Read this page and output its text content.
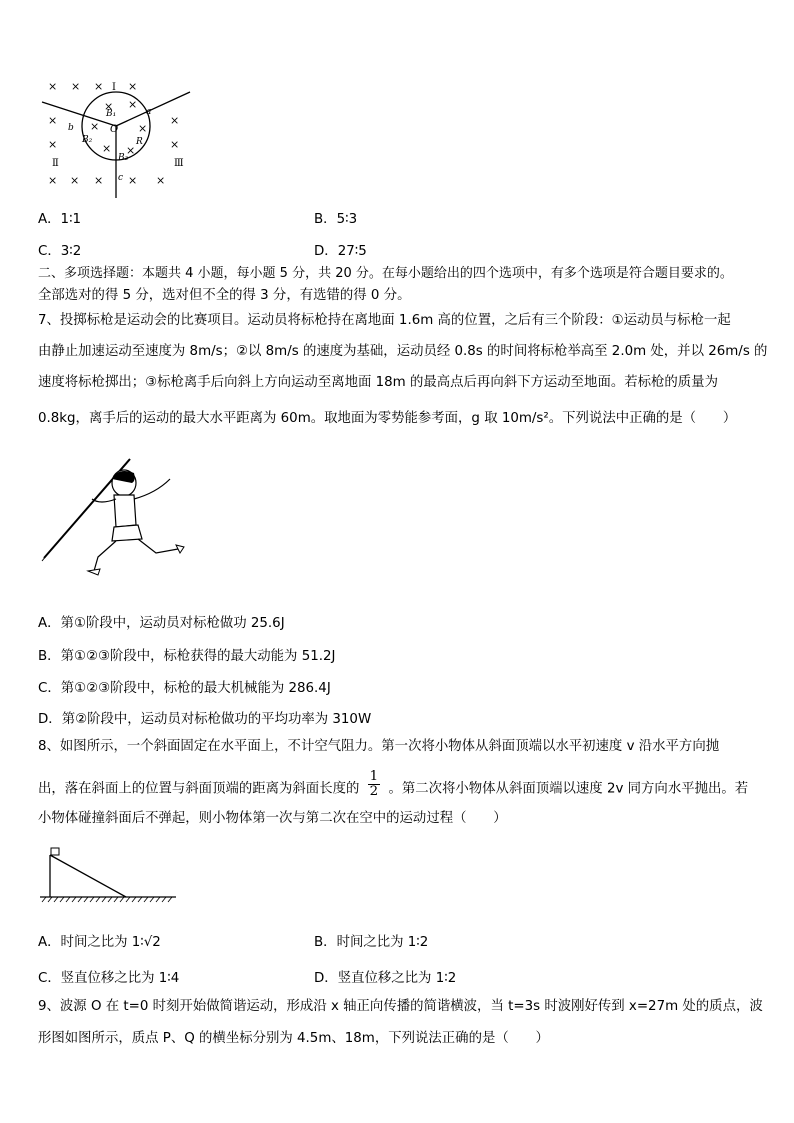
× × × ×
×	×
×	×
× × × × ×
× ×
×	×
× ×
I
Ⅱ	Ⅲ
B₁
B₂
B₃
O
R
a
b
c
A．1∶1	B．5∶3
C．3∶2	D．27∶5
二、多项选择题：本题共 4 小题，每小题 5 分，共 20 分。在每小题给出的四个选项中，有多个选项是符合题目要求的。
全部选对的得 5 分，选对但不全的得 3 分，有选错的得 0 分。
7、投掷标枪是运动会的比赛项目。运动员将标枪持在离地面 1.6m 高的位置，之后有三个阶段：①运动员与标枪一起
由静止加速运动至速度为 8m/s；②以 8m/s 的速度为基础，运动员经 0.8s 的时间将标枪举高至 2.0m 处，并以 26m/s 的
速度将标枪掷出；③标枪离手后向斜上方向运动至离地面 18m 的最高点后再向斜下方运动至地面。若标枪的质量为
0.8kg，离手后的运动的最大水平距离为 60m。取地面为零势能参考面，g 取 10m/s²。下列说法中正确的是（　　）
A．第①阶段中，运动员对标枪做功 25.6J
B．第①②③阶段中，标枪获得的最大动能为 51.2J
C．第①②③阶段中，标枪的最大机械能为 286.4J
D．第②阶段中，运动员对标枪做功的平均功率为 310W
8、如图所示，一个斜面固定在水平面上，不计空气阻力。第一次将小物体从斜面顶端以水平初速度 v 沿水平方向抛
出，落在斜面上的位置与斜面顶端的距离为斜面长度的 $\frac{1}{2}$ 。第二次将小物体从斜面顶端以速度 2v 同方向水平抛出。若
小物体碰撞斜面后不弹起，则小物体第一次与第二次在空中的运动过程（　　）
A．时间之比为 1∶√2	B．时间之比为 1∶2
C．竖直位移之比为 1∶4	D．竖直位移之比为 1∶2
9、波源 O 在 t=0 时刻开始做简谐运动，形成沿 x 轴正向传播的简谐横波，当 t=3s 时波刚好传到 x=27m 处的质点，波
形图如图所示，质点 P、Q 的横坐标分别为 4.5m、18m，下列说法正确的是（　　）
